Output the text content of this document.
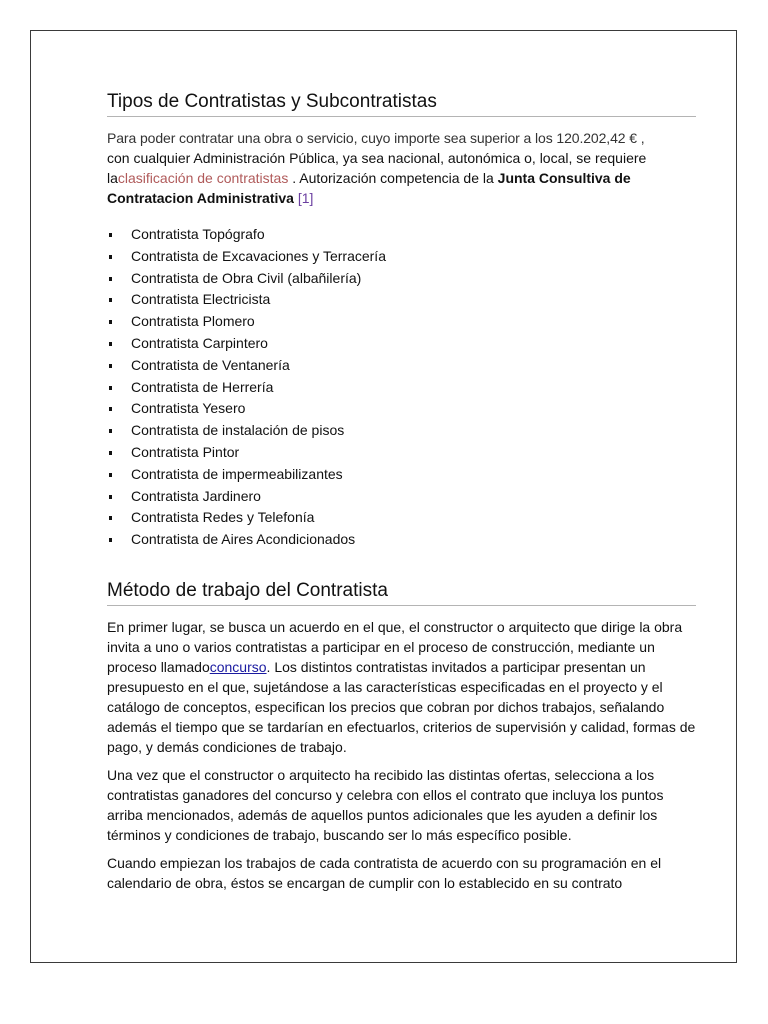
Tipos de Contratistas y Subcontratistas

Para poder contratar una obra o servicio, cuyo importe sea superior a los 120.202,42 € ,
con cualquier Administración Pública, ya sea nacional, autonómica o, local, se requiere
laclasificación de contratistas . Autorización competencia de la Junta Consultiva de Contratacion Administrativa [1]

Contratista Topógrafo
Contratista de Excavaciones y Terracería
Contratista de Obra Civil (albañilería)
Contratista Electricista
Contratista Plomero
Contratista Carpintero
Contratista de Ventanería
Contratista de Herrería
Contratista Yesero
Contratista de instalación de pisos
Contratista Pintor
Contratista de impermeabilizantes
Contratista Jardinero
Contratista Redes y Telefonía
Contratista de Aires Acondicionados
Método de trabajo del Contratista

En primer lugar, se busca un acuerdo en el que, el constructor o arquitecto que dirige la obra invita a uno o varios contratistas a participar en el proceso de construcción, mediante un proceso llamadoconcurso. Los distintos contratistas invitados a participar presentan un presupuesto en el que, sujetándose a las características especificadas en el proyecto y el catálogo de conceptos, especifican los precios que cobran por dichos trabajos, señalando además el tiempo que se tardarían en efectuarlos, criterios de supervisión y calidad, formas de pago, y demás condiciones de trabajo.

Una vez que el constructor o arquitecto ha recibido las distintas ofertas, selecciona a los contratistas ganadores del concurso y celebra con ellos el contrato que incluya los puntos arriba mencionados, además de aquellos puntos adicionales que les ayuden a definir los términos y condiciones de trabajo, buscando ser lo más específico posible.

Cuando empiezan los trabajos de cada contratista de acuerdo con su programación en el calendario de obra, éstos se encargan de cumplir con lo establecido en su contrato
